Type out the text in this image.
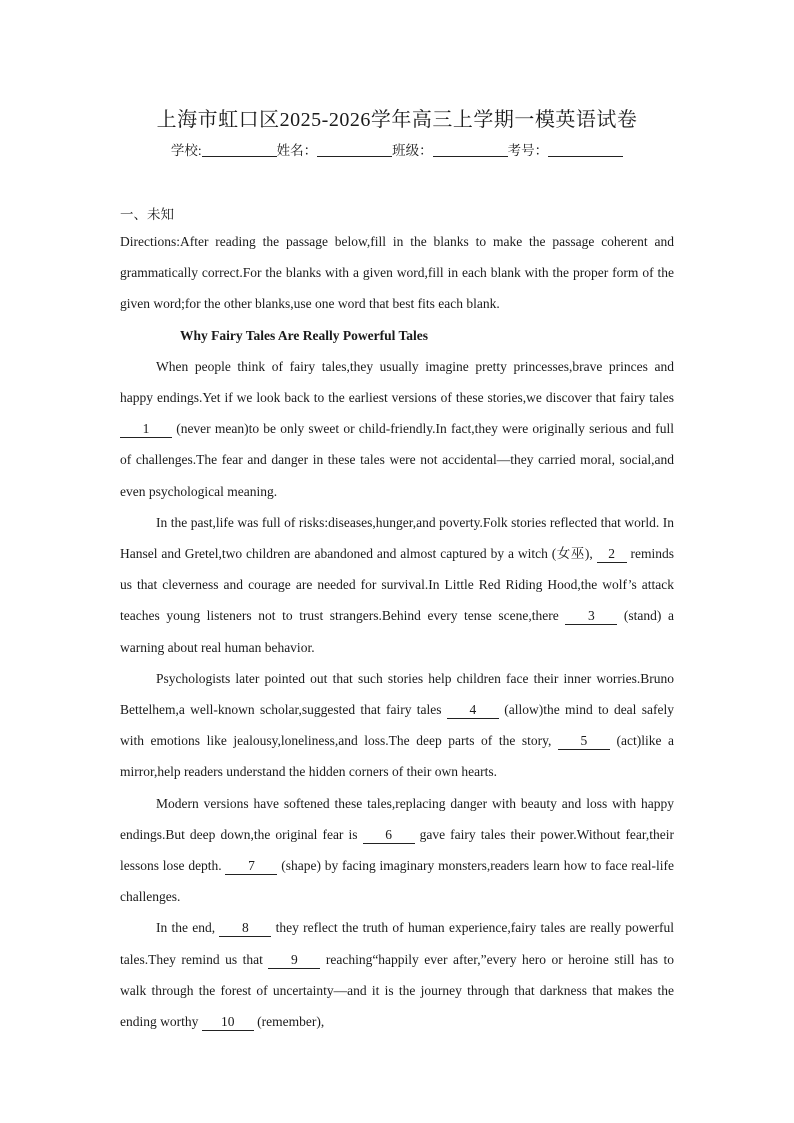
上海市虹口区2025-2026学年高三上学期一模英语试卷
学校:	姓名：	班级：	考号：
一、未知

Directions:After reading the passage below,fill in the blanks to make the passage coherent and grammatically correct.For the blanks with a given word,fill in each blank with the proper form of the given word;for the other blanks,use one word that best fits each blank.

Why Fairy Tales Are Really Powerful Tales

When people think of fairy tales,they usually imagine pretty princesses,brave princes and happy endings.Yet if we look back to the earliest versions of these stories,we discover that fairy tales 1 (never mean)to be only sweet or child-friendly.In fact,they were originally serious and full of challenges.The fear and danger in these tales were not accidental—they carried moral, social,and even psychological meaning.

In the past,life was full of risks:diseases,hunger,and poverty.Folk stories reflected that world. In Hansel and Gretel,two children are abandoned and almost captured by a witch (女巫), 2 reminds us that cleverness and courage are needed for survival.In Little Red Riding Hood,the wolf’s attack teaches young listeners not to trust strangers.Behind every tense scene,there 3 (stand) a warning about real human behavior.

Psychologists later pointed out that such stories help children face their inner worries.Bruno Bettelhem,a well-known scholar,suggested that fairy tales 4 (allow)the mind to deal safely with emotions like jealousy,loneliness,and loss.The deep parts of the story, 5 (act)like a mirror,help readers understand the hidden corners of their own hearts.

Modern versions have softened these tales,replacing danger with beauty and loss with happy endings.But deep down,the original fear is 6 gave fairy tales their power.Without fear,their lessons lose depth. 7 (shape) by facing imaginary monsters,readers learn how to face real-life challenges.

In the end, 8 they reflect the truth of human experience,fairy tales are really powerful tales.They remind us that 9 reaching“happily ever after,”every hero or heroine still has to walk through the forest of uncertainty—and it is the journey through that darkness that makes the ending worthy 10 (remember),
